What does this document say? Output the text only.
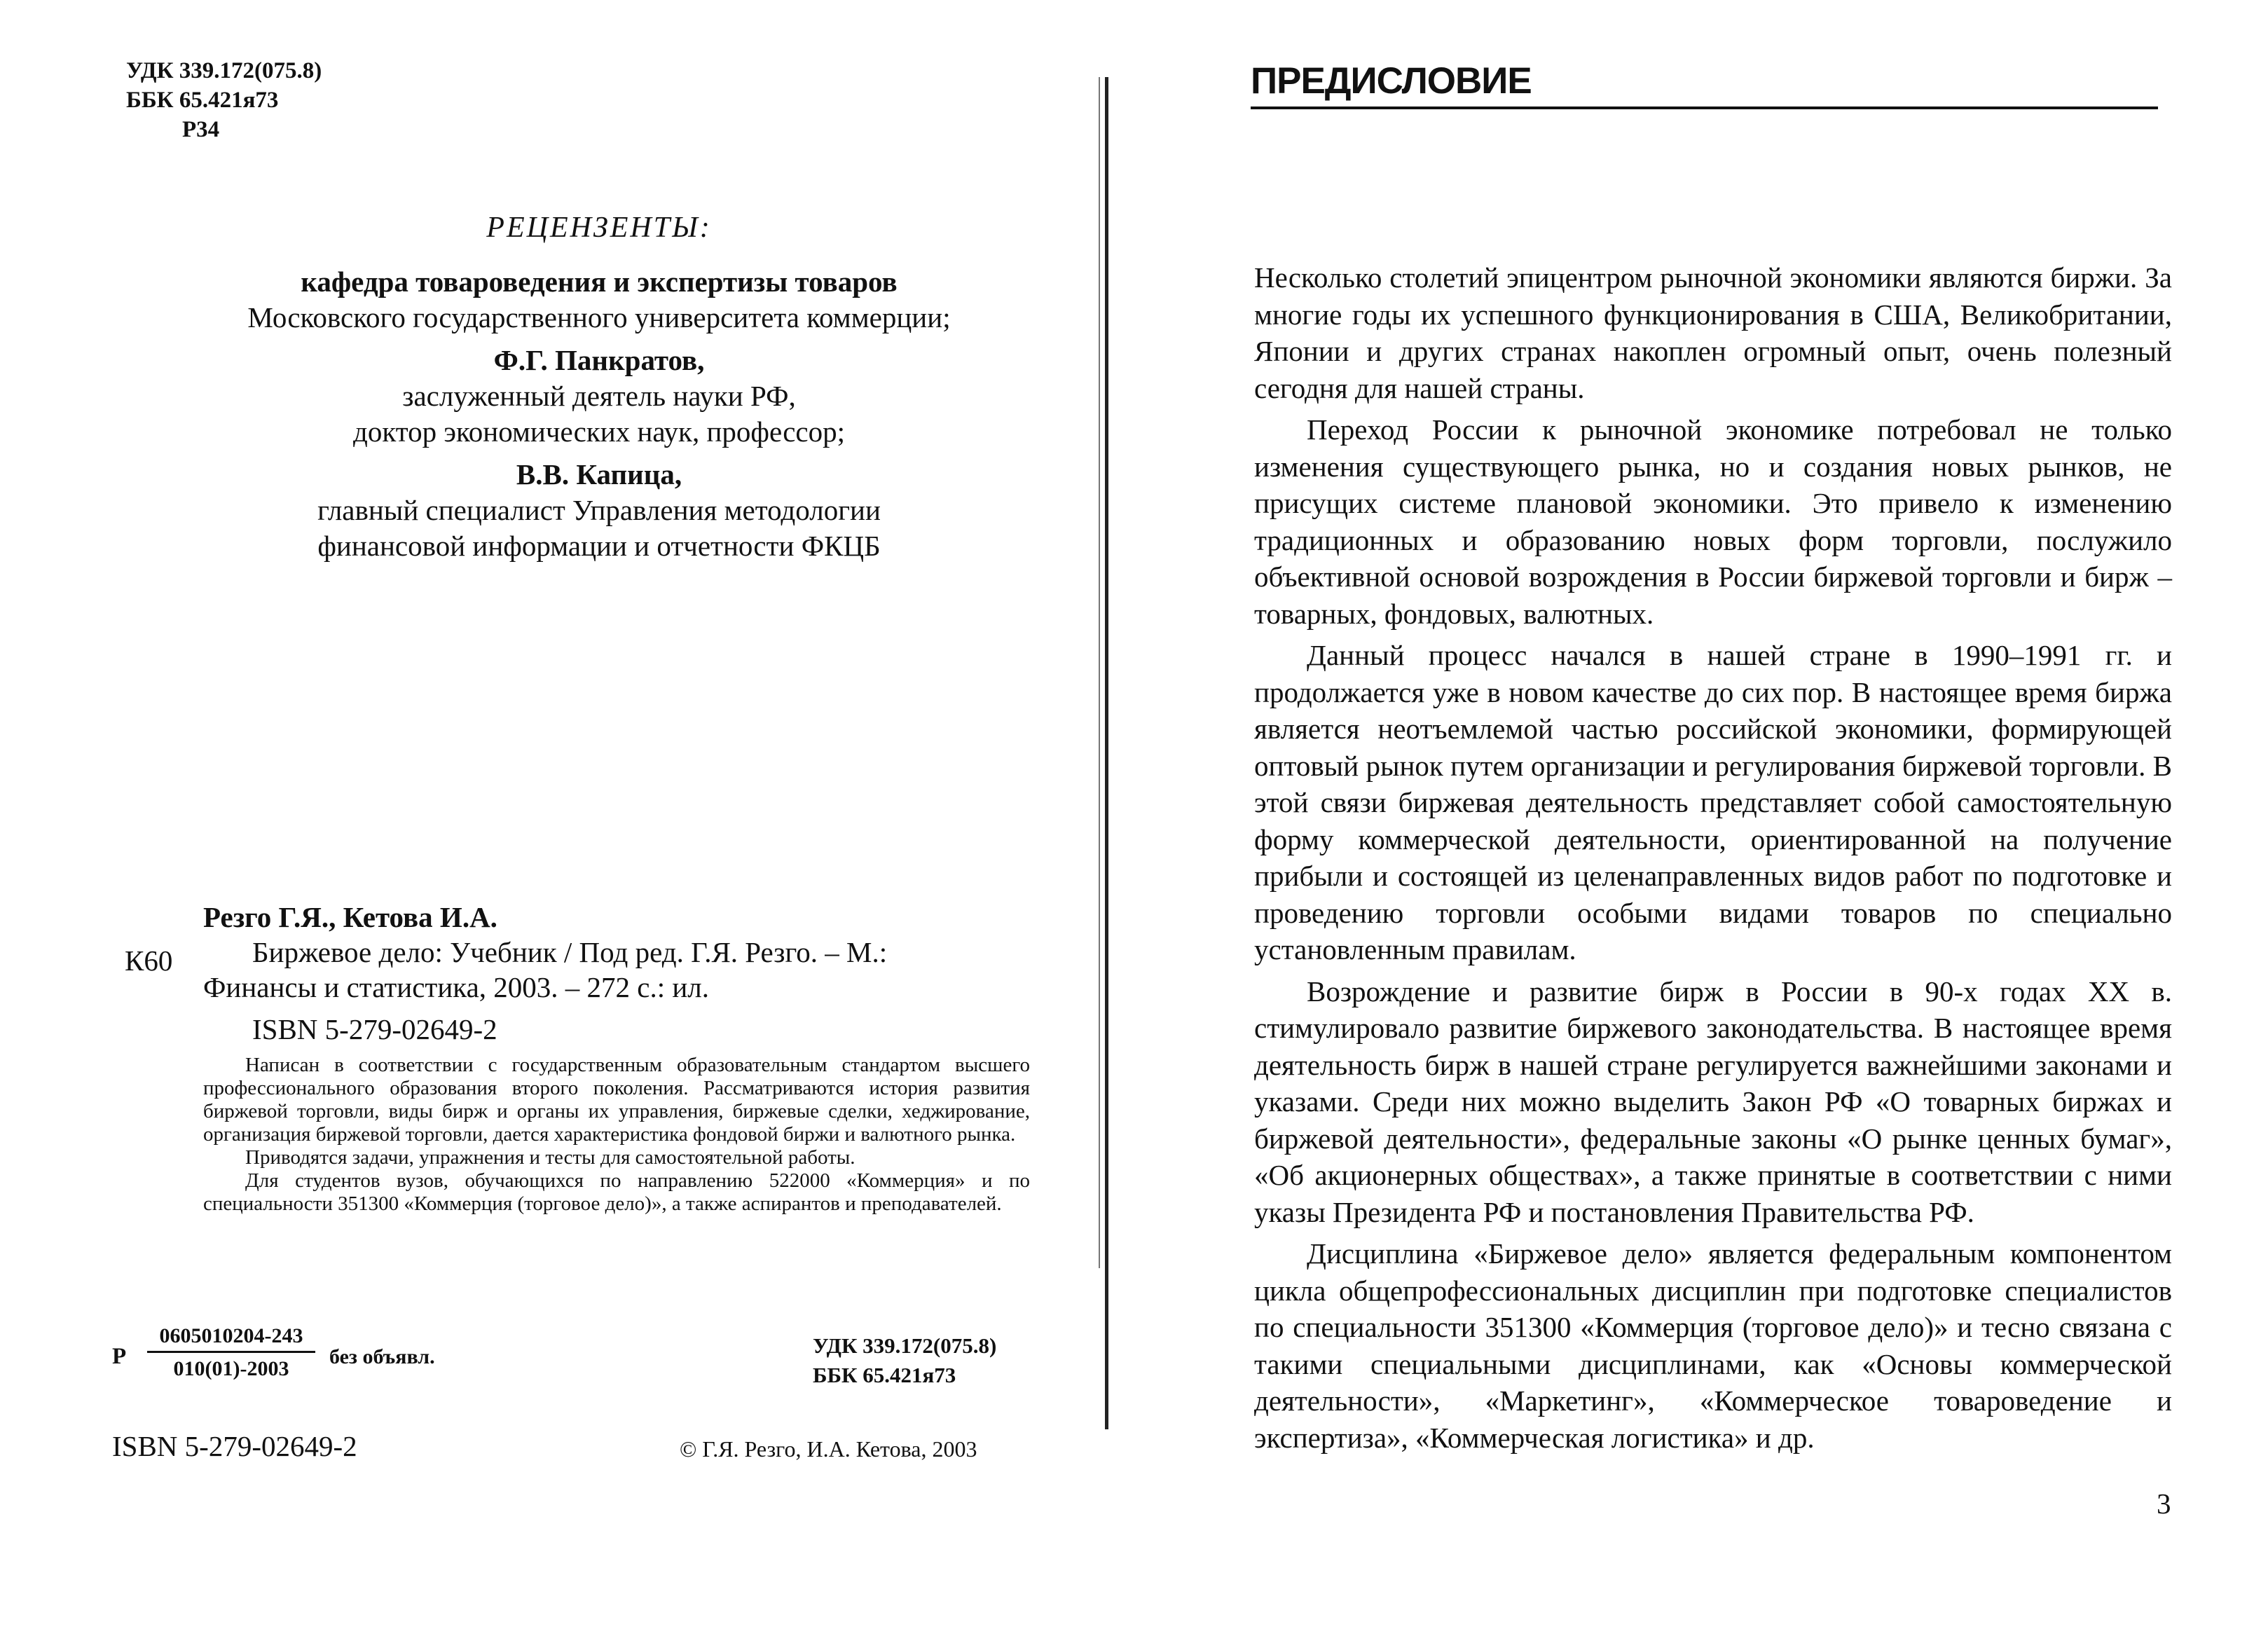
УДК 339.172(075.8)
ББК 65.421я73
Р34
РЕЦЕНЗЕНТЫ:
кафедра товароведения и экспертизы товаров
Московского государственного университета коммерции;
Ф.Г. Панкратов,
заслуженный деятель науки РФ,
доктор экономических наук, профессор;
В.В. Капица,
главный специалист Управления методологии
финансовой информации и отчетности ФКЦБ
Резго Г.Я., Кетова И.А.
К60	Биржевое дело: Учебник / Под ред. Г.Я. Резго. – М.:
Финансы и статистика, 2003. – 272 с.: ил.
ISBN 5-279-02649-2

Написан в соответствии с государственным образовательным стандартом высшего профессионального образования второго поколения. Рассматриваются история развития биржевой торговли, виды бирж и органы их управления, биржевые сделки, хеджирование, организация биржевой торговли, дается характеристика фондовой биржи и валютного рынка.

Приводятся задачи, упражнения и тесты для самостоятельной работы.

Для студентов вузов, обучающихся по направлению 522000 «Коммерция» и по специальности 351300 «Коммерция (торговое дело)», а также аспирантов и преподавателей.

Р $\frac{0605010204-243}{010(01)-2003}$ без объявл.	УДК 339.172(075.8)
ББК 65.421я73
ISBN 5-279-02649-2	© Г.Я. Резго, И.А. Кетова, 2003
ПРЕДИСЛОВИЕ

Несколько столетий эпицентром рыночной экономики являются биржи. За многие годы их успешного функционирования в США, Великобритании, Японии и других странах накоплен огромный опыт, очень полезный сегодня для нашей страны.

Переход России к рыночной экономике потребовал не только изменения существующего рынка, но и создания новых рынков, не присущих системе плановой экономики. Это привело к изменению традиционных и образованию новых форм торговли, послужило объективной основой возрождения в России биржевой торговли и бирж – товарных, фондовых, валютных.

Данный процесс начался в нашей стране в 1990–1991 гг. и продолжается уже в новом качестве до сих пор. В настоящее время биржа является неотъемлемой частью российской экономики, формирующей оптовый рынок путем организации и регулирования биржевой торговли. В этой связи биржевая деятельность представляет собой самостоятельную форму коммерческой деятельности, ориентированной на получение прибыли и состоящей из целенаправленных видов работ по подготовке и проведению торговли особыми видами товаров по специально установленным правилам.

Возрождение и развитие бирж в России в 90-х годах XX в. стимулировало развитие биржевого законодательства. В настоящее время деятельность бирж в нашей стране регулируется важнейшими законами и указами. Среди них можно выделить Закон РФ «О товарных биржах и биржевой деятельности», федеральные законы «О рынке ценных бумаг», «Об акционерных обществах», а также принятые в соответствии с ними указы Президента РФ и постановления Правительства РФ.

Дисциплина «Биржевое дело» является федеральным компонентом цикла общепрофессиональных дисциплин при подготовке специалистов по специальности 351300 «Коммерция (торговое дело)» и тесно связана с такими специальными дисциплинами, как «Основы коммерческой деятельности», «Маркетинг», «Коммерческое товароведение и экспертиза», «Коммерческая логистика» и др.

3
